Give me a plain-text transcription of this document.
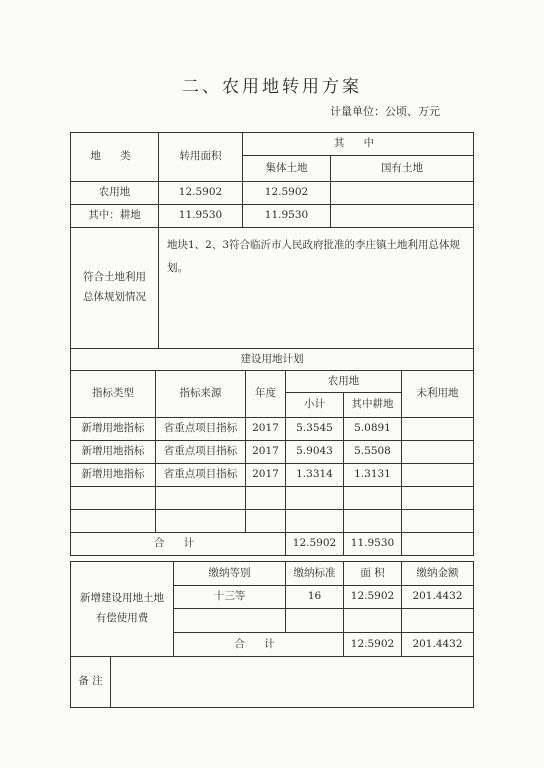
二、农用地转用方案
计量单位：公顷、万元
地 类	转用面积	其 中	
		集体土地	国有土地
农用地	12.5902	12.5902	
其中：耕地	11.9530	11.9530	
符合土地利用总体规划情况	地块1、2、3符合临沂市人民政府批准的李庄镇土地利用总体规划。		
建设用地计划			
指标类型	指标来源	年度	农用地		未利用地
			小计	其中耕地	
新增用地指标	省重点项目指标	2017	5.3545	5.0891	
新增用地指标	省重点项目指标	2017	5.9043	5.5508	
新增用地指标	省重点项目指标	2017	1.3314	1.3131	

合 计			12.5902	11.9530	
新增建设用地土地有偿使用费	缴纳等别	缴纳标准	面 积	缴纳金额
	十三等	16	12.5902	201.4432

	合 计		12.5902	201.4432
备 注	
